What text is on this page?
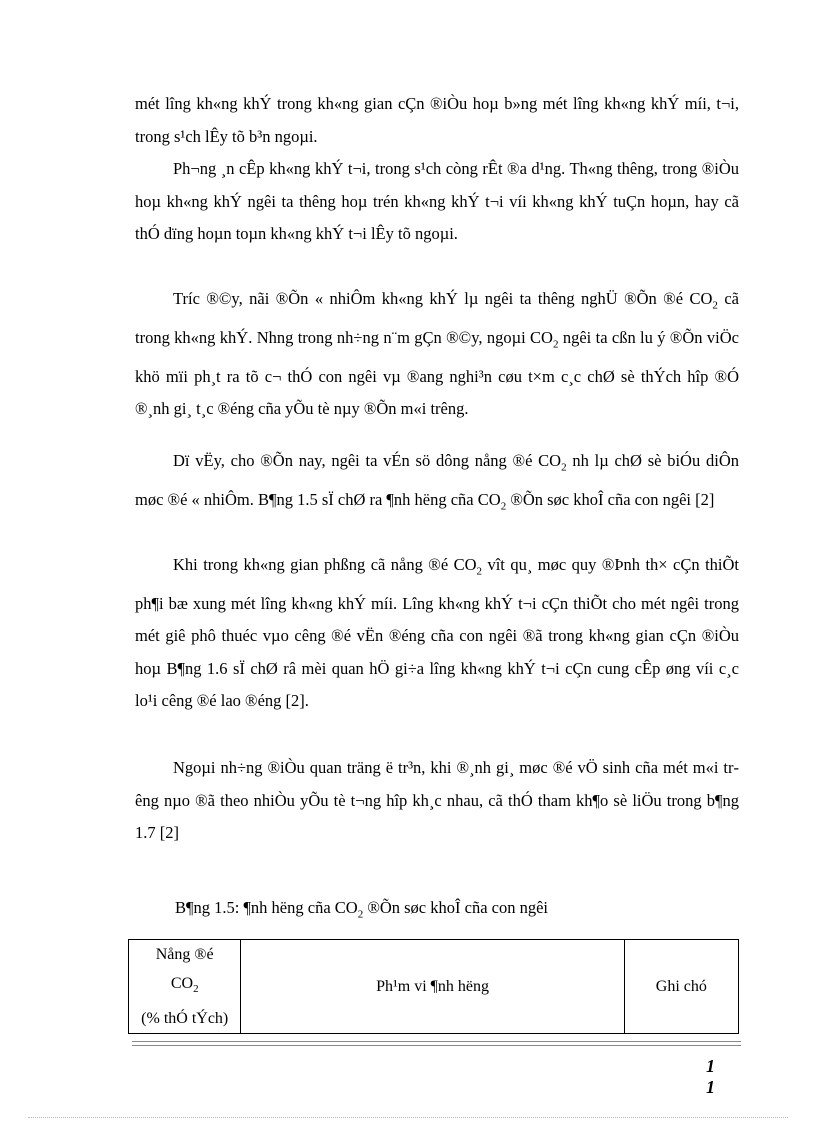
mét lîng kh«ng khÝ trong kh«ng gian cÇn ®iÒu hoµ b»ng mét lîng kh«ng khÝ míi, t¬i, trong s¹ch lÊy tõ b³n ngoµi.

Ph¬ng ¸n cÊp kh«ng khÝ t¬i, trong s¹ch còng rÊt ®a d¹ng. Th«ng thêng, trong ®iÒu hoµ kh«ng khÝ ngêi ta thêng hoµ trén kh«ng khÝ t¬i víi kh«ng khÝ tuÇn hoµn, hay cã thÓ dïng hoµn toµn kh«ng khÝ t¬i lÊy tõ ngoµi.

Tríc ®©y, nãi ®Õn « nhiÔm kh«ng khÝ lµ ngêi ta thêng nghÜ ®Õn ®é $CO_2$ cã trong kh«ng khÝ. Nhng trong nh÷ng n¨m gÇn ®©y, ngoµi $CO_2$ ngêi ta cßn lu ý ®Õn viÖc khö mïi ph¸t ra tõ c¬ thÓ con ngêi vµ ®ang nghi³n cøu t×m c¸c chØ sè thÝch hîp ®Ó ®¸nh gi¸ t¸c ®éng cña yÕu tè nµy ®Õn m«i trêng.

Dï vËy, cho ®Õn nay, ngêi ta vÉn sö dông nång ®é $CO_2$ nh lµ chØ sè biÓu diÔn møc ®é « nhiÔm. B¶ng 1.5 sÏ chØ ra ¶nh hëng cña $CO_2$ ®Õn søc khoÎ cña con ngêi [2]

Khi trong kh«ng gian phßng cã nång ®é $CO_2$ vît qu¸ møc quy ®Þnh th× cÇn thiÕt ph¶i bæ xung mét lîng kh«ng khÝ míi. Lîng kh«ng khÝ t¬i cÇn thiÕt cho mét ngêi trong mét giê phô thuéc vµo cêng ®é vËn ®éng cña con ngêi ®ã trong kh«ng gian cÇn ®iÒu hoµ B¶ng 1.6 sÏ chØ râ mèi quan hÖ gi÷a lîng kh«ng khÝ t¬i cÇn cung cÊp øng víi c¸c lo¹i cêng ®é lao ®éng [2].

Ngoµi nh÷ng ®iÒu quan träng ë tr³n, khi ®¸nh gi¸ møc ®é vÖ sinh cña mét m«i trêng nµo ®ã theo nhiÒu yÕu tè t¬ng hîp kh¸c nhau, cã thÓ tham kh¶o sè liÖu trong b¶ng 1.7 [2]

B¶ng 1.5: ¶nh hëng cña $CO_2$ ®Õn søc khoÎ cña con ngêi
Nång ®é
$CO_2$
(% thÓ tÝch)
	Ph¹m vi ¶nh hëng	Ghi chó
1
1
